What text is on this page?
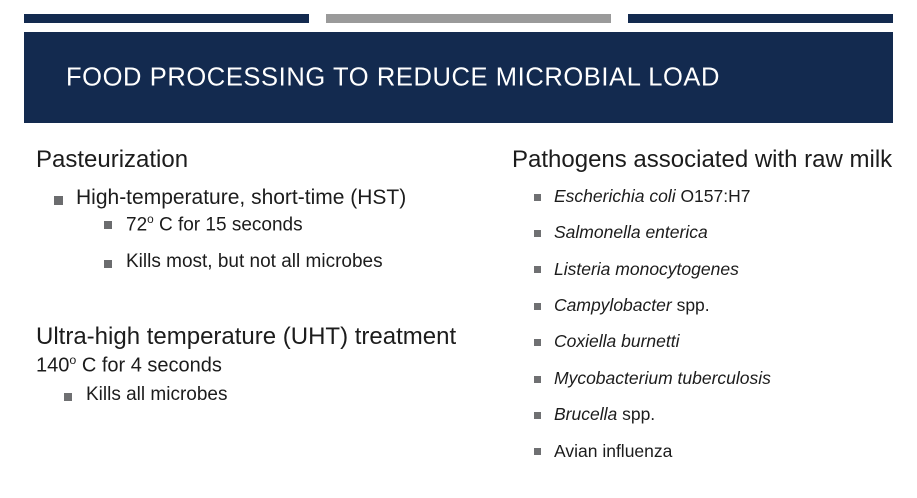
FOOD PROCESSING TO REDUCE MICROBIAL LOAD
Pasteurization
High-temperature, short-time (HST)
72$^o$ C for 15 seconds
Kills most, but not all microbes
Ultra-high temperature (UHT) treatment
140$^o$ C for 4 seconds
Kills all microbes
Pathogens associated with raw milk
Escherichia coli O157:H7
Salmonella enterica
Listeria monocytogenes
Campylobacter spp.
Coxiella burnetti
Mycobacterium tuberculosis
Brucella spp.
Avian influenza
